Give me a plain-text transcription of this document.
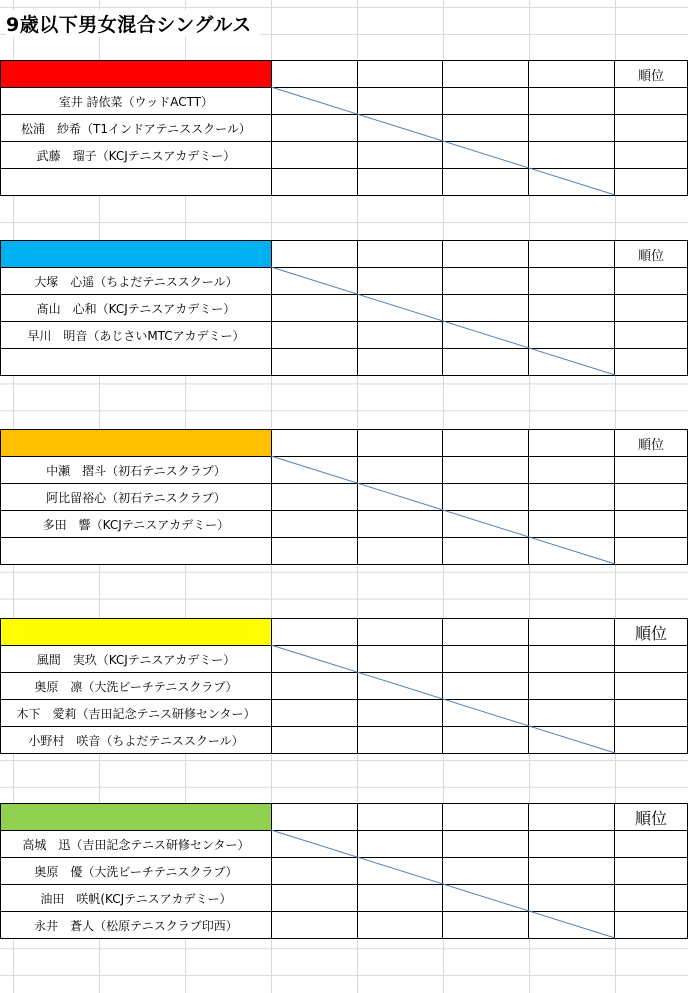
9歳以下男女混合シングルス
					順位
室井 詩依菜（ウッドACTT）					
松浦　紗希（T1インドアテニススクール）					
武藤　瑠子（KCJテニスアカデミー）					

					順位
大塚　心遥（ちよだテニススクール）					
髙山　心和（KCJテニスアカデミー）					
早川　明音（あじさいMTCアカデミー）					

					順位
中瀬　摺斗（初石テニスクラブ）					
阿比留裕心（初石テニスクラブ）					
多田　響（KCJテニスアカデミー）					

					順位
風間　実玖（KCJテニスアカデミー）					
奥原　凛（大洗ビーチテニスクラブ）					
木下　愛莉（吉田記念テニス研修センター）					
小野村　咲音（ちよだテニススクール）					
					順位
高城　迅（吉田記念テニス研修センター）					
奥原　優（大洗ビーチテニスクラブ）					
油田　咲帆(KCJテニスアカデミー）					
永井　蒼人（松原テニスクラブ印西）					
